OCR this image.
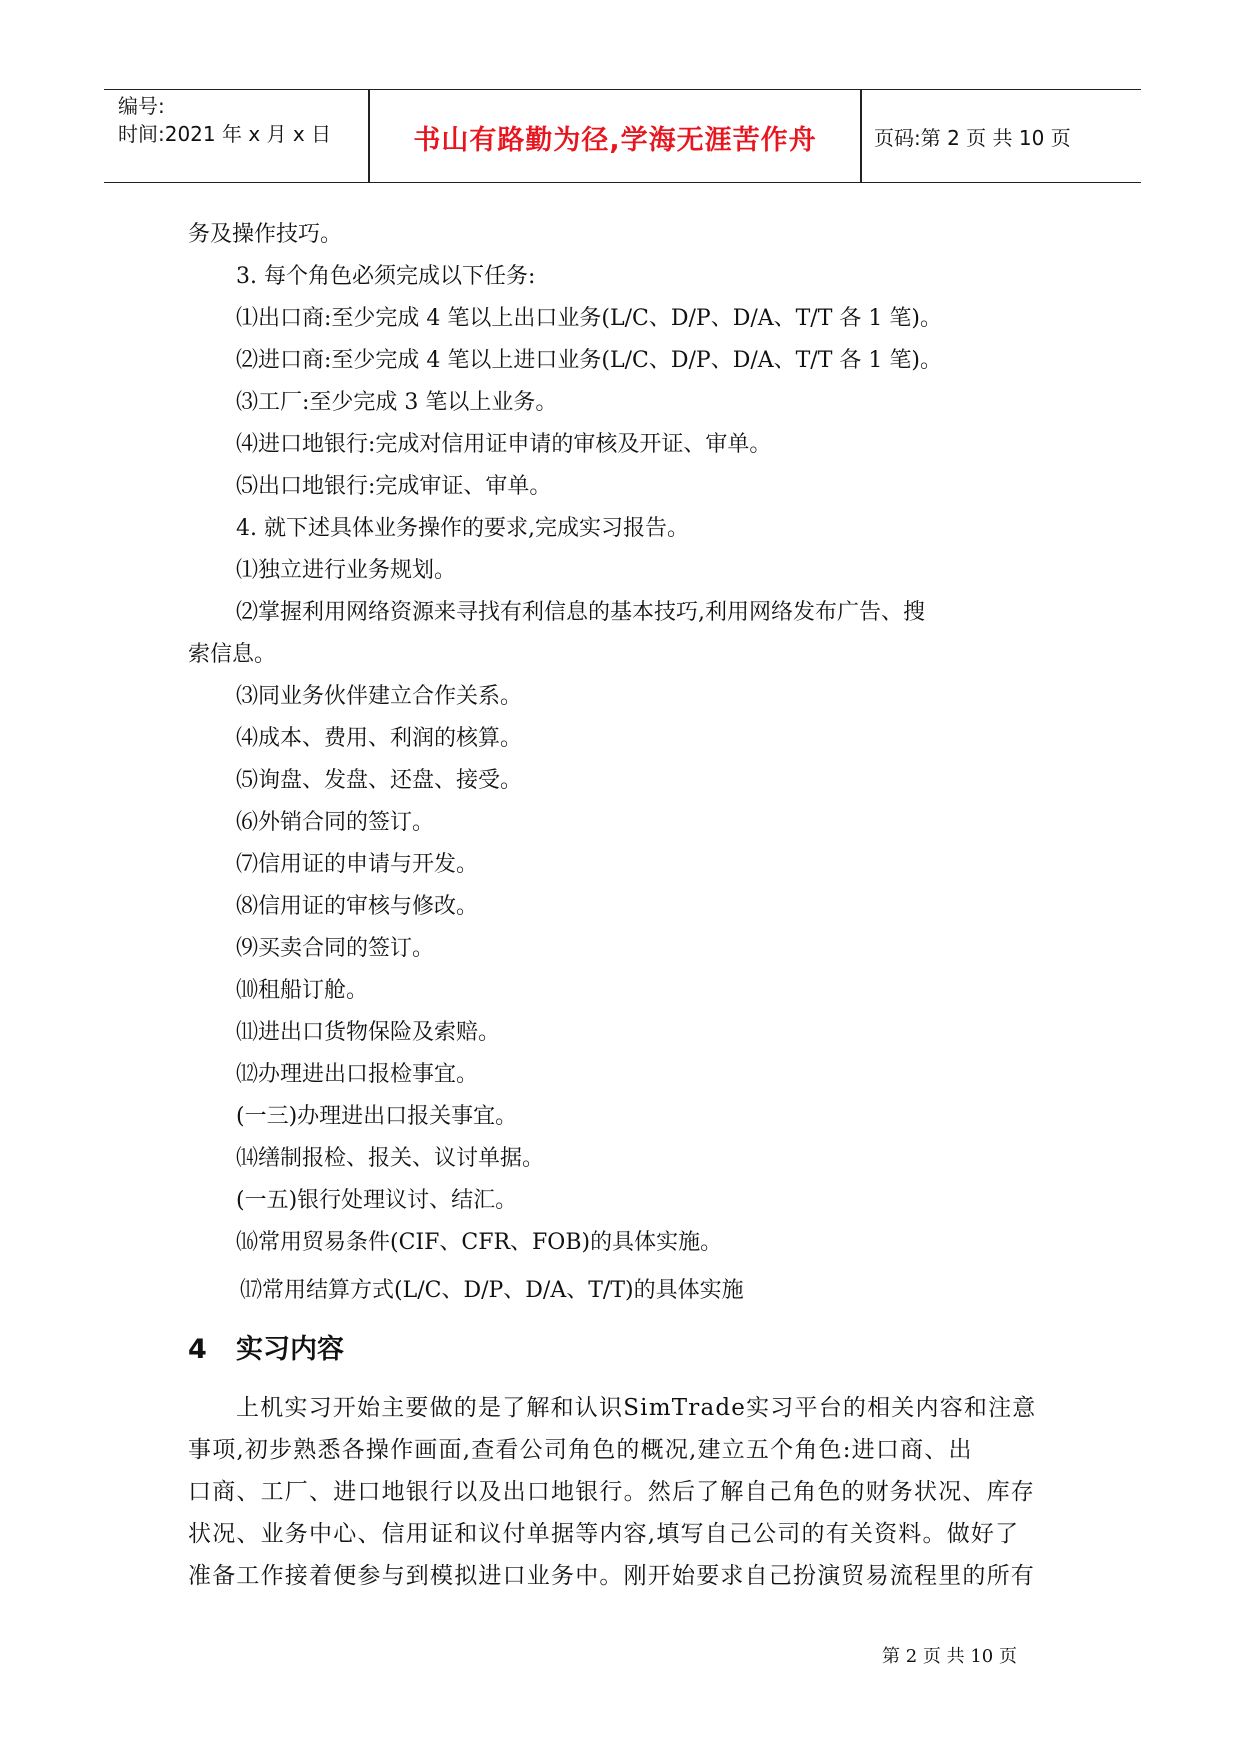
编号:
时间:2021 年 x 月 x 日	书山有路勤为径,学海无涯苦作舟	页码:第 2 页 共 10 页
务及操作技巧。
3. 每个角色必须完成以下任务:
⑴出口商:至少完成 4 笔以上出口业务(L/C、D/P、D/A、T/T 各 1 笔)。
⑵进口商:至少完成 4 笔以上进口业务(L/C、D/P、D/A、T/T 各 1 笔)。
⑶工厂:至少完成 3 笔以上业务。
⑷进口地银行:完成对信用证申请的审核及开证、审单。
⑸出口地银行:完成审证、审单。
4. 就下述具体业务操作的要求,完成实习报告。
⑴独立进行业务规划。
⑵掌握利用网络资源来寻找有利信息的基本技巧,利用网络发布广告、搜
索信息。
⑶同业务伙伴建立合作关系。
⑷成本、费用、利润的核算。
⑸询盘、发盘、还盘、接受。
⑹外销合同的签订。
⑺信用证的申请与开发。
⑻信用证的审核与修改。
⑼买卖合同的签订。
⑽租船订舱。
⑾进出口货物保险及索赔。
⑿办理进出口报检事宜。
(一三)办理进出口报关事宜。
⒁缮制报检、报关、议讨单据。
(一五)银行处理议讨、结汇。
⒃常用贸易条件(CIF、CFR、FOB)的具体实施。
⒄常用结算方式(L/C、D/P、D/A、T/T)的具体实施
4 实习内容
上机实习开始主要做的是了解和认识SimTrade实习平台的相关内容和注意
事项,初步熟悉各操作画面,查看公司角色的概况,建立五个角色:进口商、出
口商、工厂、进口地银行以及出口地银行。然后了解自己角色的财务状况、库存
状况、业务中心、信用证和议付单据等内容,填写自己公司的有关资料。做好了
准备工作接着便参与到模拟进口业务中。刚开始要求自己扮演贸易流程里的所有
第 2 页 共 10 页
